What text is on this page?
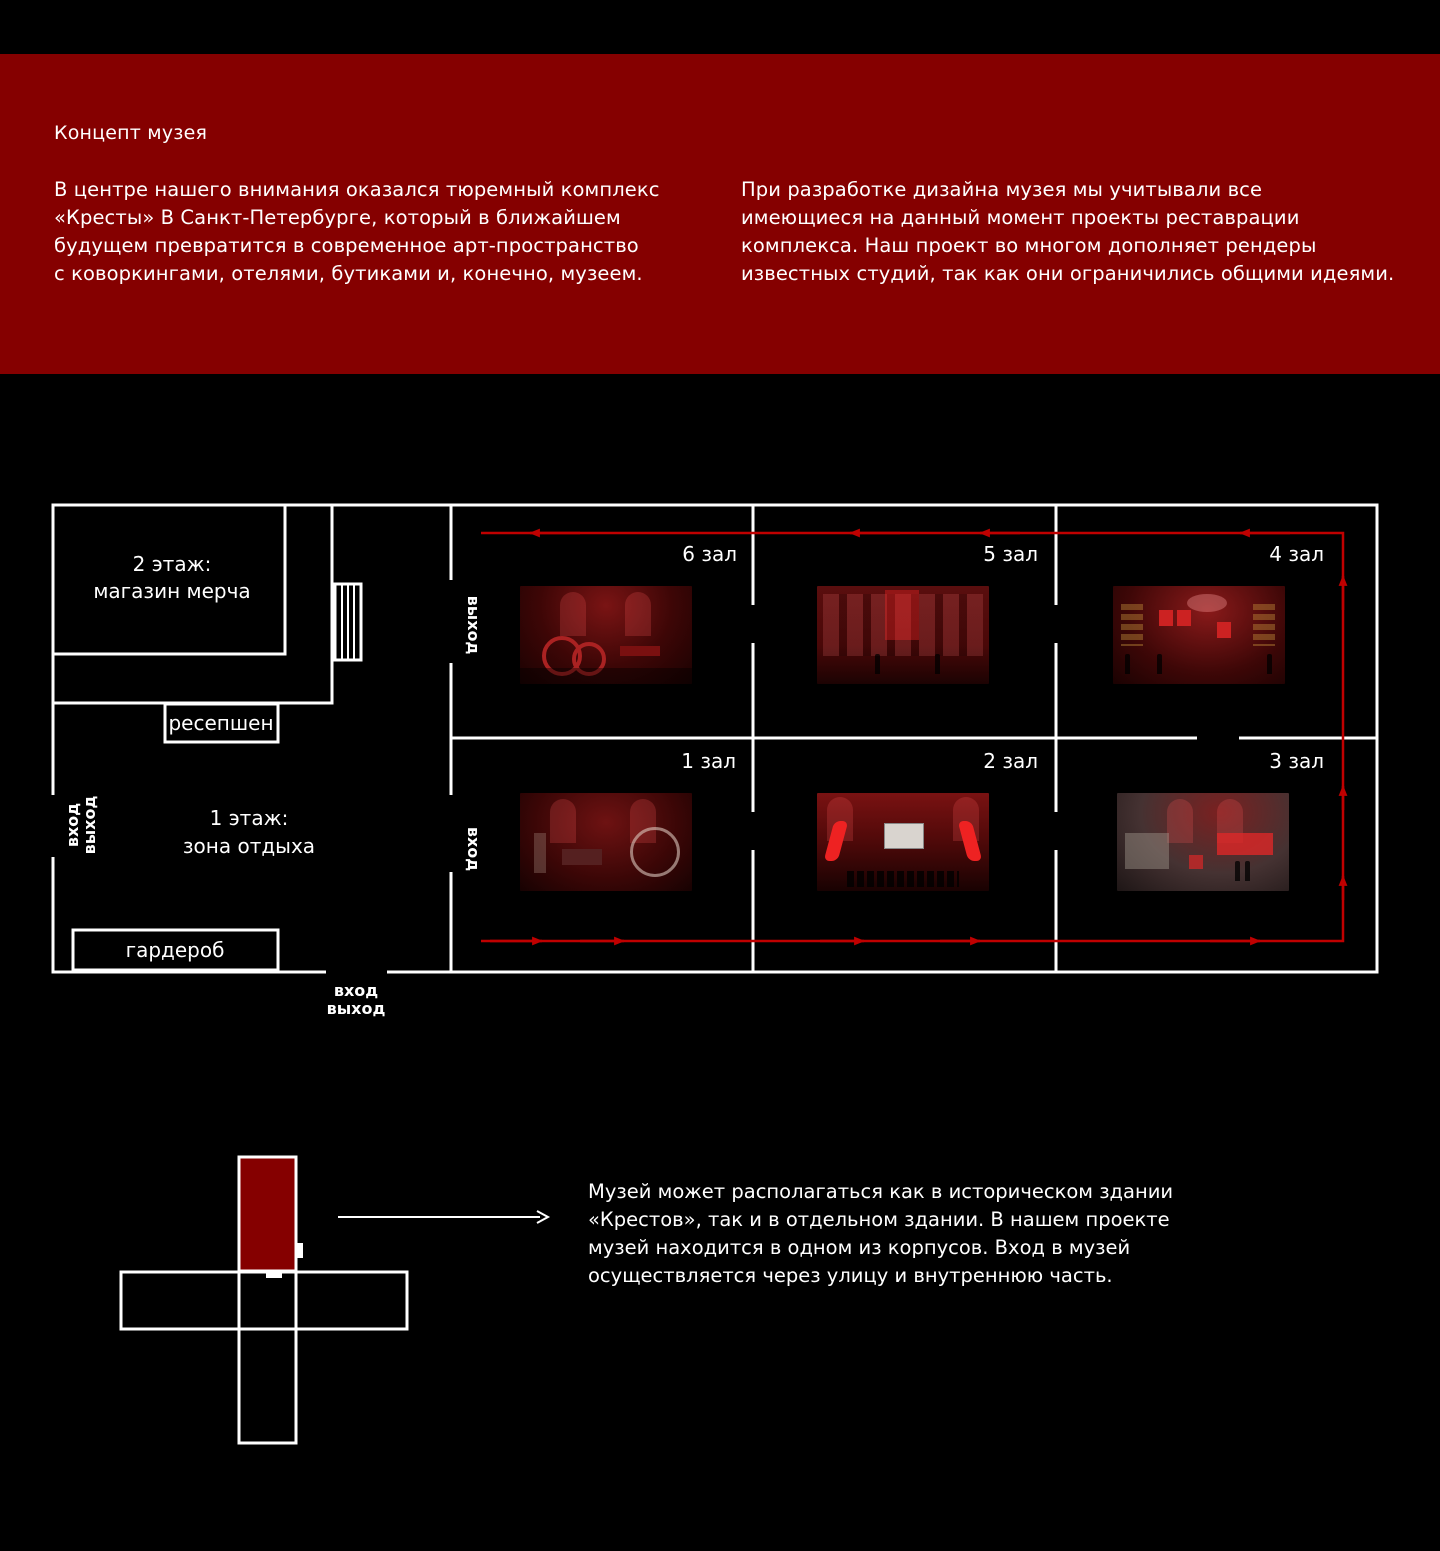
Концепт музея
В центре нашего внимания оказался тюремный комплекс
«Кресты» В Санкт-Петербурге, который в ближайшем
будущем превратится в современное арт-пространство
с коворкингами, отелями, бутиками и, конечно, музеем.
При разработке дизайна музея мы учитывали все
имеющиеся на данный момент проекты реставрации
комплекса. Наш проект во многом дополняет рендеры
известных студий, так как они ограничились общими идеями.
2 этаж:
магазин мерча
ресепшен
1 этаж:
зона отдыха
гардероб
вход
выход
вход
выход
выход
вход
6 зал	5 зал	4 зал
1 зал	2 зал	3 зал
Музей может располагаться как в историческом здании
«Крестов», так и в отдельном здании. В нашем проекте
музей находится в одном из корпусов. Вход в музей
осуществляется через улицу и внутреннюю часть.
